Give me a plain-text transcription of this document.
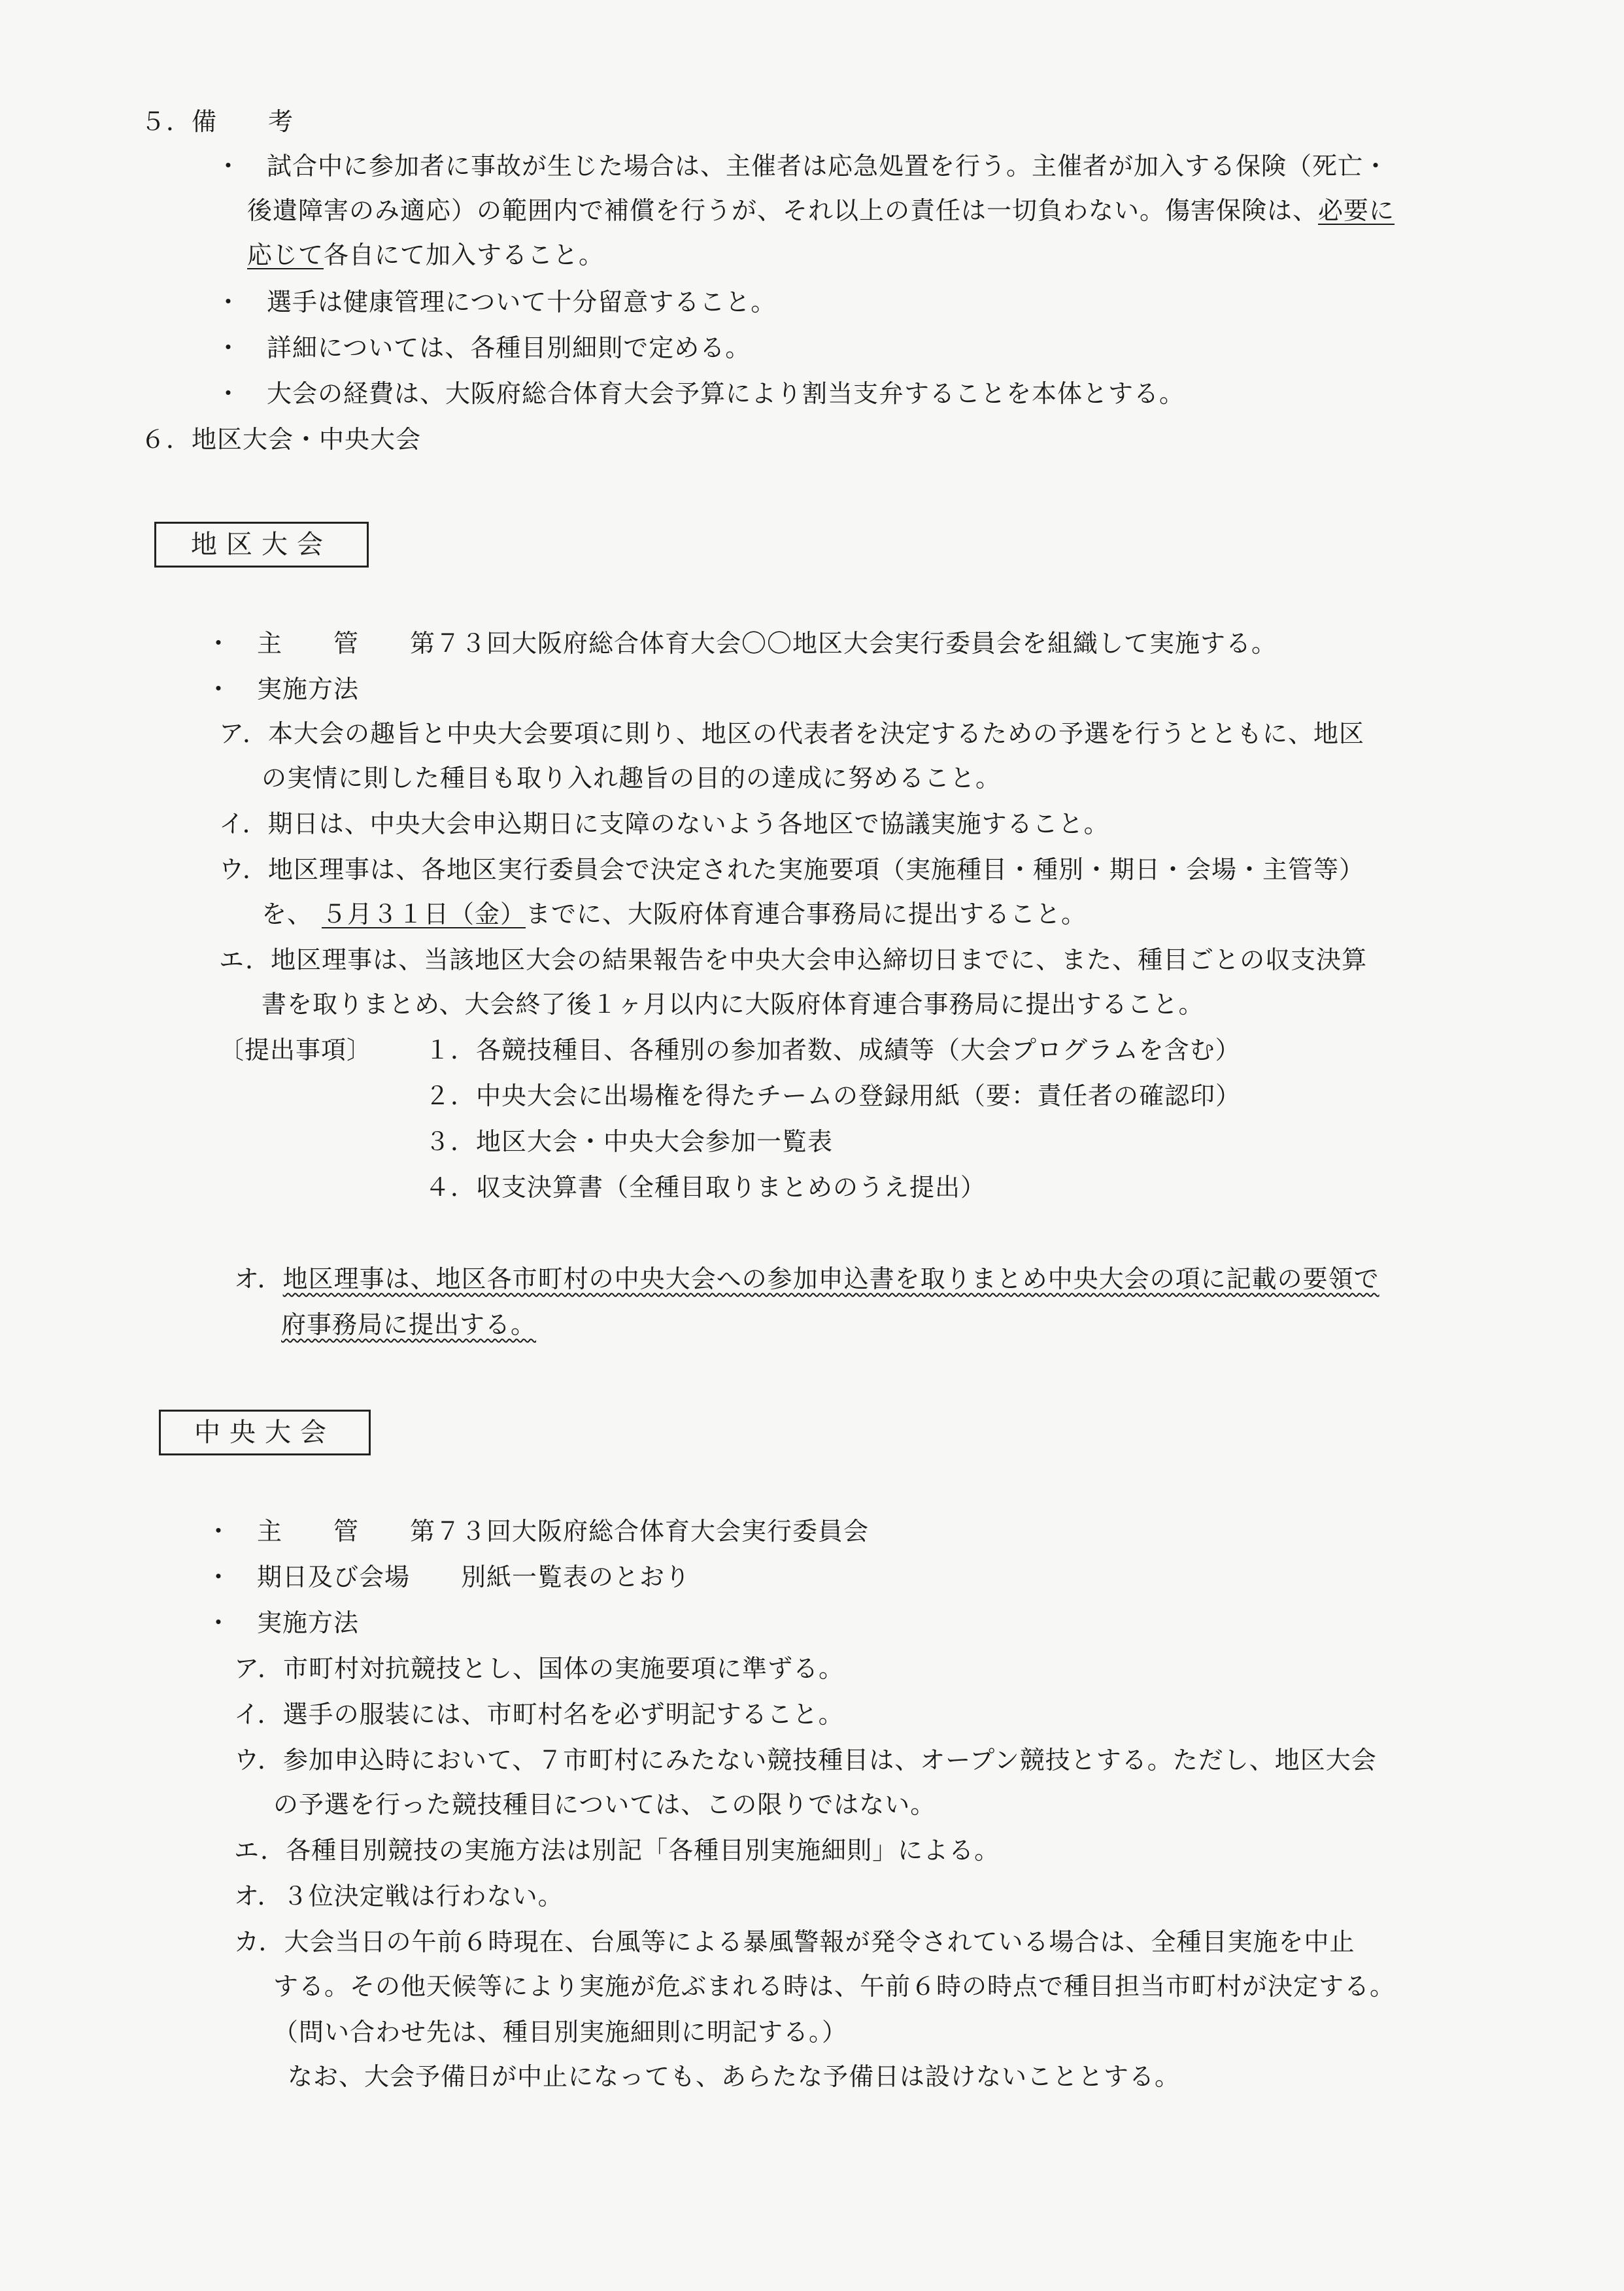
５．備　　考
・　試合中に参加者に事故が生じた場合は、主催者は応急処置を行う。主催者が加入する保険（死亡・
後遺障害のみ適応）の範囲内で補償を行うが、それ以上の責任は一切負わない。傷害保険は、必要に
応じて各自にて加入すること。
・　選手は健康管理について十分留意すること。
・　詳細については、各種目別細則で定める。
・　大会の経費は、大阪府総合体育大会予算により割当支弁することを本体とする。
６．地区大会・中央大会
地区大会
・　主　　管　　第７３回大阪府総合体育大会〇〇地区大会実行委員会を組織して実施する。
・　実施方法
ア．本大会の趣旨と中央大会要項に則り、地区の代表者を決定するための予選を行うとともに、地区
の実情に則した種目も取り入れ趣旨の目的の達成に努めること。
イ．期日は、中央大会申込期日に支障のないよう各地区で協議実施すること。
ウ．地区理事は、各地区実行委員会で決定された実施要項（実施種目・種別・期日・会場・主管等）
を、 ５月３１日（金）までに、大阪府体育連合事務局に提出すること。
エ．地区理事は、当該地区大会の結果報告を中央大会申込締切日までに、また、種目ごとの収支決算
書を取りまとめ、大会終了後１ヶ月以内に大阪府体育連合事務局に提出すること。
〔提出事項〕 １．各競技種目、各種別の参加者数、成績等（大会プログラムを含む）
２．中央大会に出場権を得たチームの登録用紙（要：責任者の確認印）
３．地区大会・中央大会参加一覧表
４．収支決算書（全種目取りまとめのうえ提出）
オ．地区理事は、地区各市町村の中央大会への参加申込書を取りまとめ中央大会の項に記載の要領で
府事務局に提出する。
中央大会
・　主　　管　　第７３回大阪府総合体育大会実行委員会
・　期日及び会場　　別紙一覧表のとおり
・　実施方法
ア．市町村対抗競技とし、国体の実施要項に準ずる。
イ．選手の服装には、市町村名を必ず明記すること。
ウ．参加申込時において、７市町村にみたない競技種目は、オープン競技とする。ただし、地区大会
の予選を行った競技種目については、この限りではない。
エ．各種目別競技の実施方法は別記「各種目別実施細則」による。
オ．３位決定戦は行わない。
カ．大会当日の午前６時現在、台風等による暴風警報が発令されている場合は、全種目実施を中止
する。その他天候等により実施が危ぶまれる時は、午前６時の時点で種目担当市町村が決定する。
（問い合わせ先は、種目別実施細則に明記する。）
なお、大会予備日が中止になっても、あらたな予備日は設けないこととする。
